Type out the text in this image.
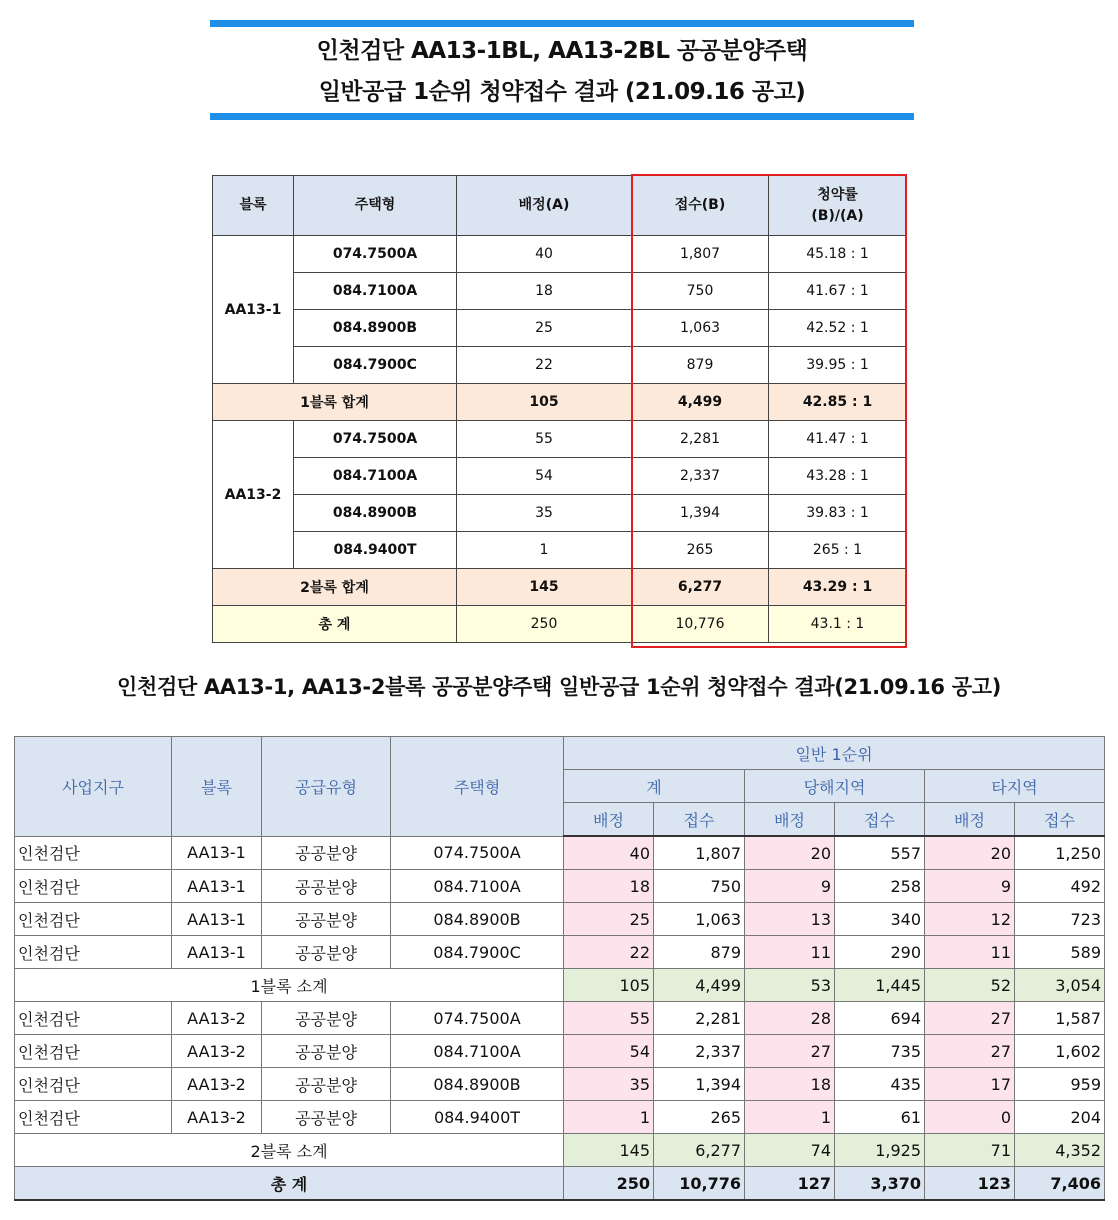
인천검단 AA13-1BL, AA13-2BL 공공분양주택
일반공급 1순위 청약접수 결과 (21.09.16 공고)
블록	주택형	배정(A)	접수(B)	청약률
(B)/(A)
AA13-1	074.7500A	40	1,807	45.18 : 1
	084.7100A	18	750	41.67 : 1
	084.8900B	25	1,063	42.52 : 1
	084.7900C	22	879	39.95 : 1
1블록 합계		105	4,499	42.85 : 1
AA13-2	074.7500A	55	2,281	41.47 : 1
	084.7100A	54	2,337	43.28 : 1
	084.8900B	35	1,394	39.83 : 1
	084.9400T	1	265	265 : 1
2블록 합계		145	6,277	43.29 : 1
총 계		250	10,776	43.1 : 1
인천검단 AA13-1, AA13-2블록 공공분양주택 일반공급 1순위 청약접수 결과(21.09.16 공고)
사업지구	블록	공급유형	주택형	일반 1순위					
				계		당해지역		타지역	
				배정	접수	배정	접수	배정	접수
인천검단	AA13-1	공공분양	074.7500A	40	1,807	20	557	20	1,250
인천검단	AA13-1	공공분양	084.7100A	18	750	9	258	9	492
인천검단	AA13-1	공공분양	084.8900B	25	1,063	13	340	12	723
인천검단	AA13-1	공공분양	084.7900C	22	879	11	290	11	589
1블록 소계				105	4,499	53	1,445	52	3,054
인천검단	AA13-2	공공분양	074.7500A	55	2,281	28	694	27	1,587
인천검단	AA13-2	공공분양	084.7100A	54	2,337	27	735	27	1,602
인천검단	AA13-2	공공분양	084.8900B	35	1,394	18	435	17	959
인천검단	AA13-2	공공분양	084.9400T	1	265	1	61	0	204
2블록 소계				145	6,277	74	1,925	71	4,352
총 계				250	10,776	127	3,370	123	7,406
